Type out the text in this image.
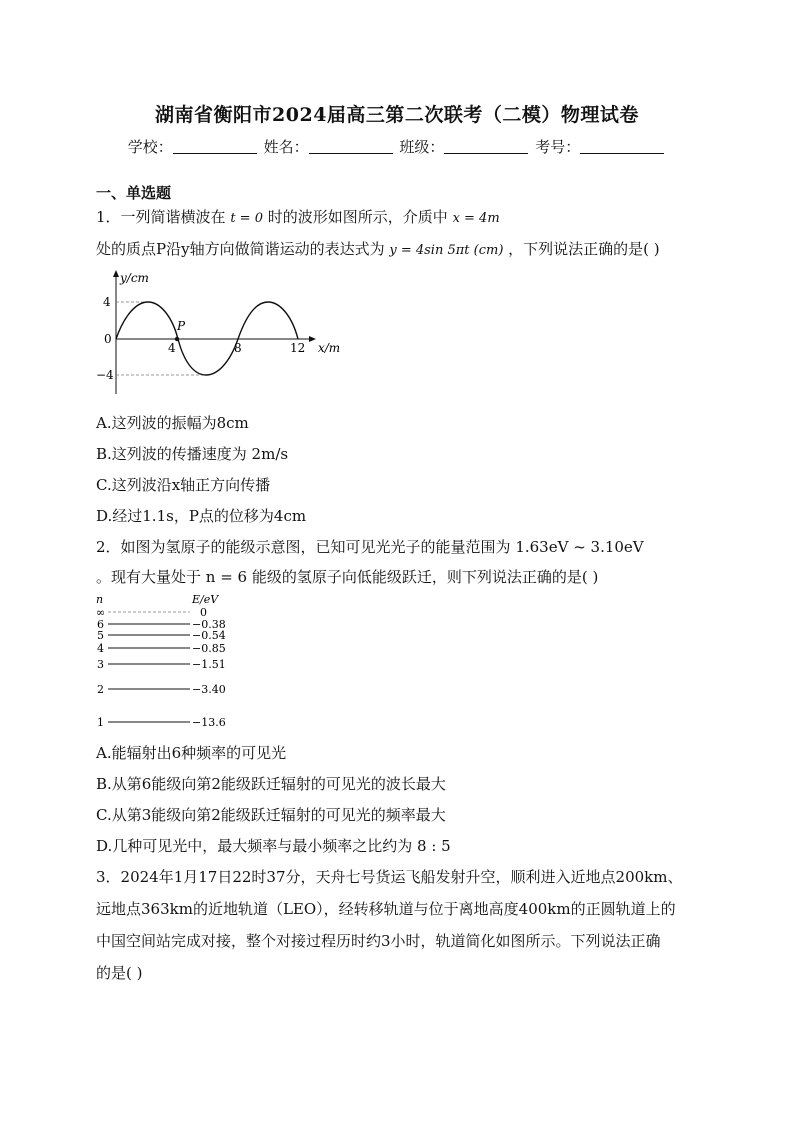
湖南省衡阳市2024届高三第二次联考（二模）物理试卷
学校：	姓名：	班级：	考号：
一、单选题
1．一列简谐横波在 t = 0 时的波形如图所示，介质中 x = 4m
处的质点P沿y轴方向做简谐运动的表达式为 y = 4sin 5πt (cm) ，下列说法正确的是( )
P
y/cm
x/m
4
0
−4
4	8	12
A.这列波的振幅为8cm
B.这列波的传播速度为 2m/s
C.这列波沿x轴正方向传播
D.经过1.1s，P点的位移为4cm
2．如图为氢原子的能级示意图，已知可见光光子的能量范围为 1.63eV ~ 3.10eV
。现有大量处于 n = 6 能级的氢原子向低能级跃迁，则下列说法正确的是( )
n	E/eV
∞	0
6	−0.38
5	−0.54
4	−0.85
3	−1.51
2	−3.40
1	−13.6
A.能辐射出6种频率的可见光
B.从第6能级向第2能级跃迁辐射的可见光的波长最大
C.从第3能级向第2能级跃迁辐射的可见光的频率最大
D.几种可见光中，最大频率与最小频率之比约为 8 : 5
3．2024年1月17日22时37分，天舟七号货运飞船发射升空，顺利进入近地点200km、
远地点363km的近地轨道（LEO），经转移轨道与位于离地高度400km的正圆轨道上的
中国空间站完成对接，整个对接过程历时约3小时，轨道简化如图所示。下列说法正确
的是( )
